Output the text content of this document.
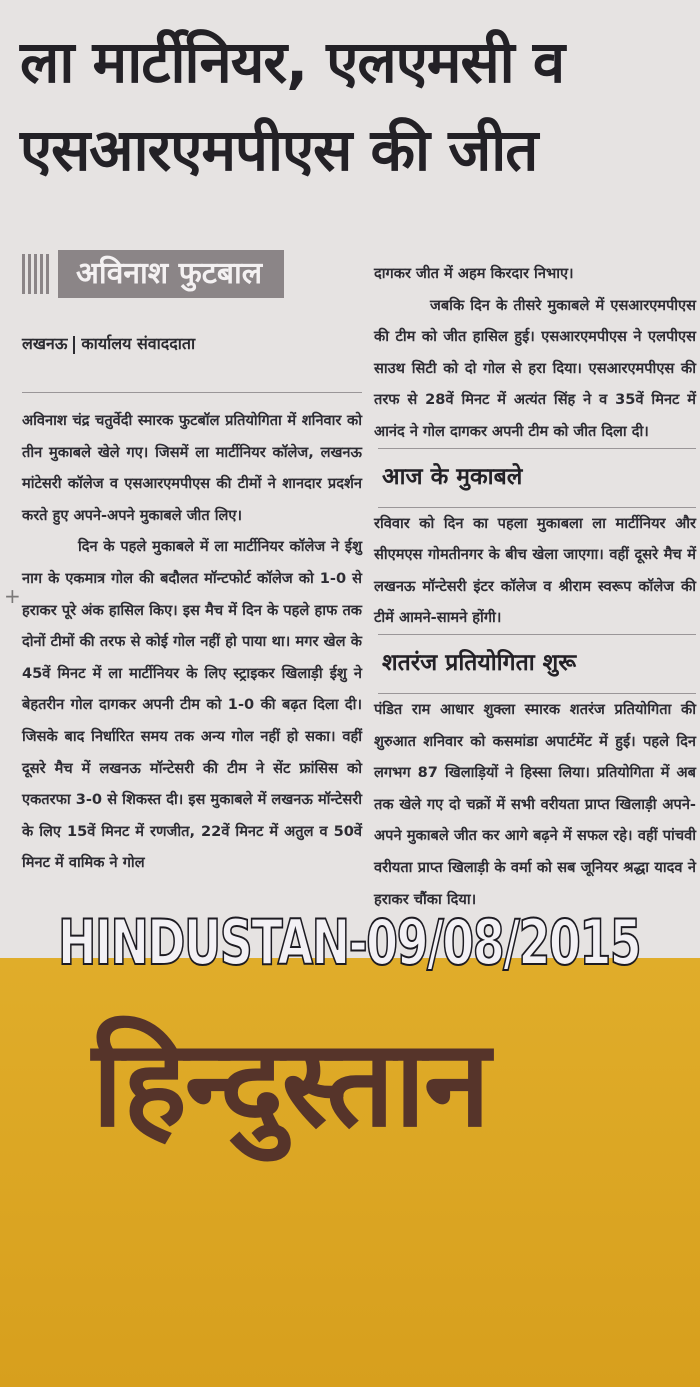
ला मार्टीनियर, एलएमसी व
एसआरएमपीएस की जीत
+
अविनाश फुटबाल
लखनऊ कार्यालय संवाददाता

अविनाश चंद्र चतुर्वेदी स्मारक फुटबॉल प्रतियोगिता में शनिवार को तीन मुकाबले खेले गए। जिसमें ला मार्टीनियर कॉलेज, लखनऊ मांटेसरी कॉलेज व एसआरएमपीएस की टीमों ने शानदार प्रदर्शन करते हुए अपने-अपने मुकाबले जीत लिए।

दिन के पहले मुकाबले में ला मार्टीनियर कॉलेज ने ईशु नाग के एकमात्र गोल की बदौलत मॉन्टफोर्ट कॉलेज को 1-0 से हराकर पूरे अंक हासिल किए। इस मैच में दिन के पहले हाफ तक दोनों टीमों की तरफ से कोई गोल नहीं हो पाया था। मगर खेल के 45वें मिनट में ला मार्टीनियर के लिए स्ट्राइकर खिलाड़ी ईशु ने बेहतरीन गोल दागकर अपनी टीम को 1-0 की बढ़त दिला दी। जिसके बाद निर्धारित समय तक अन्य गोल नहीं हो सका। वहीं दूसरे मैच में लखनऊ मॉन्टेसरी की टीम ने सेंट फ्रांसिस को एकतरफा 3-0 से शिकस्त दी। इस मुकाबले में लखनऊ मॉन्टेसरी के लिए 15वें मिनट में रणजीत, 22वें मिनट में अतुल व 50वें मिनट में वामिक ने गोल

दागकर जीत में अहम किरदार निभाए।

जबकि दिन के तीसरे मुकाबले में एसआरएमपीएस की टीम को जीत हासिल हुई। एसआरएमपीएस ने एलपीएस साउथ सिटी को दो गोल से हरा दिया। एसआरएमपीएस की तरफ से 28वें मिनट में अत्यंत सिंह ने व 35वें मिनट में आनंद ने गोल दागकर अपनी टीम को जीत दिला दी।

आज के मुकाबले

रविवार को दिन का पहला मुकाबला ला मार्टीनियर और सीएमएस गोमतीनगर के बीच खेला जाएगा। वहीं दूसरे मैच में लखनऊ मॉन्टेसरी इंटर कॉलेज व श्रीराम स्वरूप कॉलेज की टीमें आमने-सामने होंगी।

शतरंज प्रतियोगिता शुरू

पंडित राम आधार शुक्ला स्मारक शतरंज प्रतियोगिता की शुरुआत शनिवार को कसमांडा अपार्टमेंट में हुई। पहले दिन लगभग 87 खिलाड़ियों ने हिस्सा लिया। प्रतियोगिता में अब तक खेले गए दो चक्रों में सभी वरीयता प्राप्त खिलाड़ी अपने-अपने मुकाबले जीत कर आगे बढ़ने में सफल रहे। वहीं पांचवी वरीयता प्राप्त खिलाड़ी के वर्मा को सब जूनियर श्रद्धा यादव ने हराकर चौंका दिया।

हिन्दुस्तान
HINDUSTAN-09/08/2015
